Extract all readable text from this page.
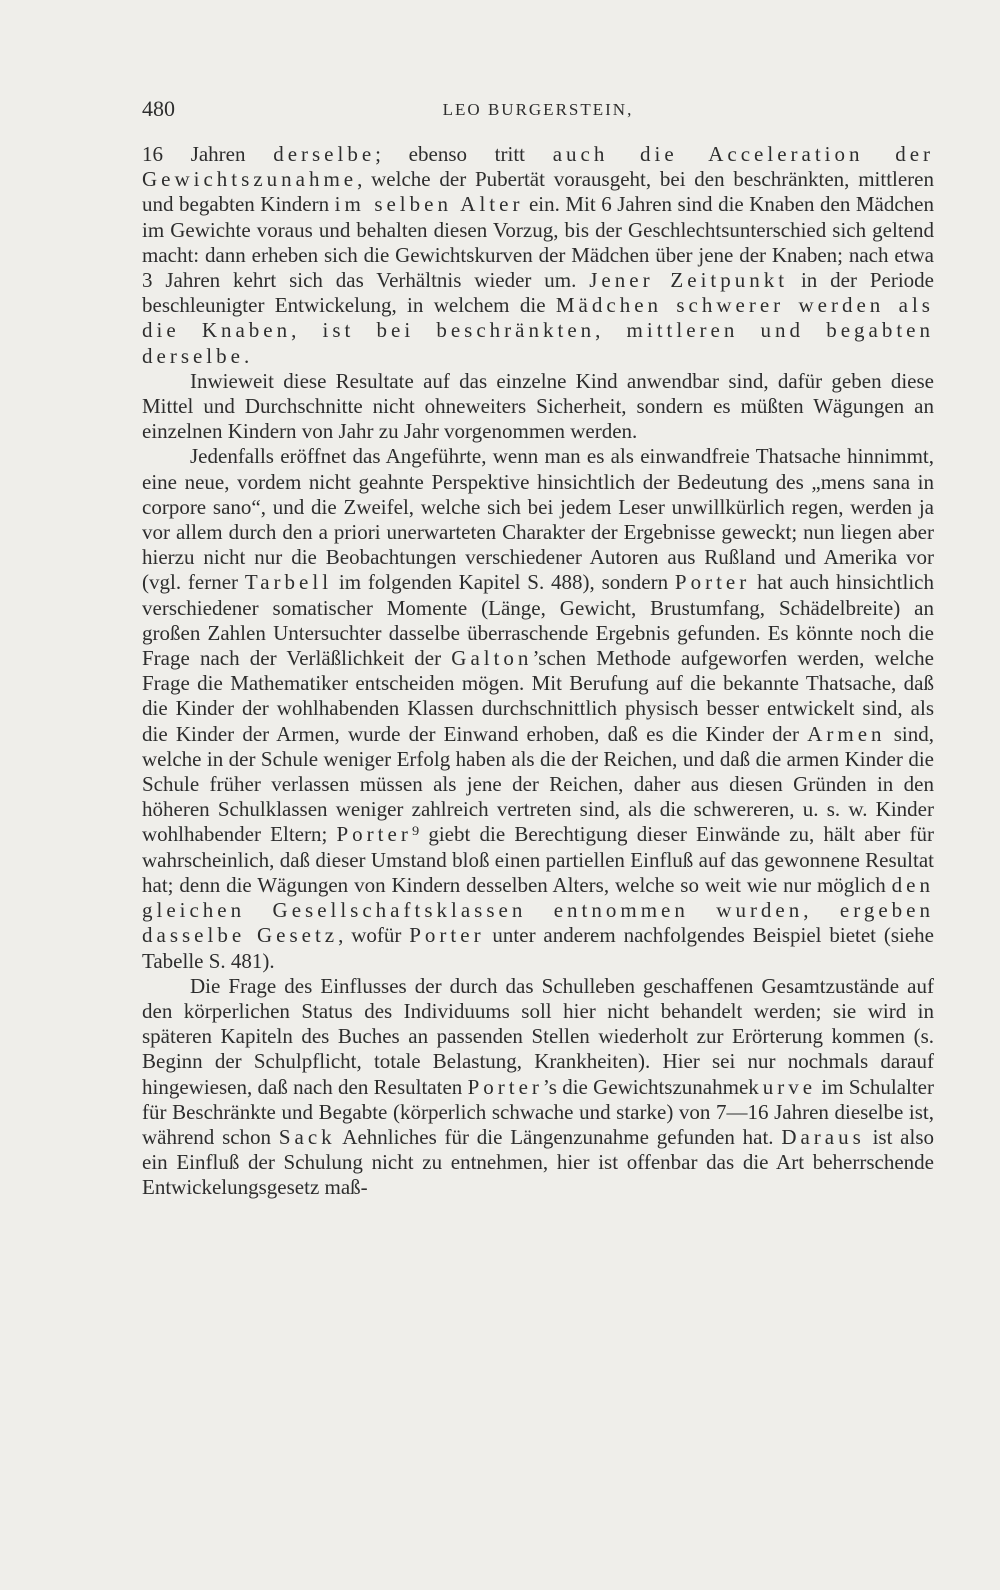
480	LEO BURGERSTEIN,

16 Jahren derselbe; ebenso tritt auch die Acceleration der Gewichtszunahme, welche der Pubertät vorausgeht, bei den beschränkten, mittleren und begabten Kindern im selben Alter ein. Mit 6 Jahren sind die Knaben den Mädchen im Gewichte voraus und behalten diesen Vorzug, bis der Geschlechtsunterschied sich geltend macht: dann erheben sich die Gewichtskurven der Mädchen über jene der Knaben; nach etwa 3 Jahren kehrt sich das Verhältnis wieder um. Jener Zeitpunkt in der Periode beschleunigter Entwickelung, in welchem die Mädchen schwerer werden als die Knaben, ist bei beschränkten, mittleren und begabten derselbe.

Inwieweit diese Resultate auf das einzelne Kind anwendbar sind, dafür geben diese Mittel und Durchschnitte nicht ohneweiters Sicherheit, sondern es müßten Wägungen an einzelnen Kindern von Jahr zu Jahr vorgenommen werden.

Jedenfalls eröffnet das Angeführte, wenn man es als einwandfreie Thatsache hinnimmt, eine neue, vordem nicht geahnte Perspektive hinsichtlich der Bedeutung des „mens sana in corpore sano“, und die Zweifel, welche sich bei jedem Leser unwillkürlich regen, werden ja vor allem durch den a priori unerwarteten Charakter der Ergebnisse geweckt; nun liegen aber hierzu nicht nur die Beobachtungen verschiedener Autoren aus Rußland und Amerika vor (vgl. ferner Tarbell im folgenden Kapitel S. 488), sondern Porter hat auch hinsichtlich verschiedener somatischer Momente (Länge, Gewicht, Brustumfang, Schädelbreite) an großen Zahlen Untersuchter dasselbe überraschende Ergebnis gefunden. Es könnte noch die Frage nach der Verläßlichkeit der Galton’schen Methode aufgeworfen werden, welche Frage die Mathematiker entscheiden mögen. Mit Berufung auf die bekannte Thatsache, daß die Kinder der wohlhabenden Klassen durchschnittlich physisch besser entwickelt sind, als die Kinder der Armen, wurde der Einwand erhoben, daß es die Kinder der Armen sind, welche in der Schule weniger Erfolg haben als die der Reichen, und daß die armen Kinder die Schule früher verlassen müssen als jene der Reichen, daher aus diesen Gründen in den höheren Schulklassen weniger zahlreich vertreten sind, als die schwereren, u. s. w. Kinder wohlhabender Eltern; Porter⁹ giebt die Berechtigung dieser Einwände zu, hält aber für wahrscheinlich, daß dieser Umstand bloß einen partiellen Einfluß auf das gewonnene Resultat hat; denn die Wägungen von Kindern desselben Alters, welche so weit wie nur möglich den gleichen Gesellschaftsklassen entnommen wurden, ergeben dasselbe Gesetz, wofür Porter unter anderem nachfolgendes Beispiel bietet (siehe Tabelle S. 481).

Die Frage des Einflusses der durch das Schulleben geschaffenen Gesamtzustände auf den körperlichen Status des Individuums soll hier nicht behandelt werden; sie wird in späteren Kapiteln des Buches an passenden Stellen wiederholt zur Erörterung kommen (s. Beginn der Schulpflicht, totale Belastung, Krankheiten). Hier sei nur nochmals darauf hingewiesen, daß nach den Resultaten Porter’s die Gewichtszunahmekurve im Schulalter für Beschränkte und Begabte (körperlich schwache und starke) von 7—16 Jahren dieselbe ist, während schon Sack Aehnliches für die Längenzunahme gefunden hat. Daraus ist also ein Einfluß der Schulung nicht zu entnehmen, hier ist offenbar das die Art beherrschende Entwickelungsgesetz maß-
